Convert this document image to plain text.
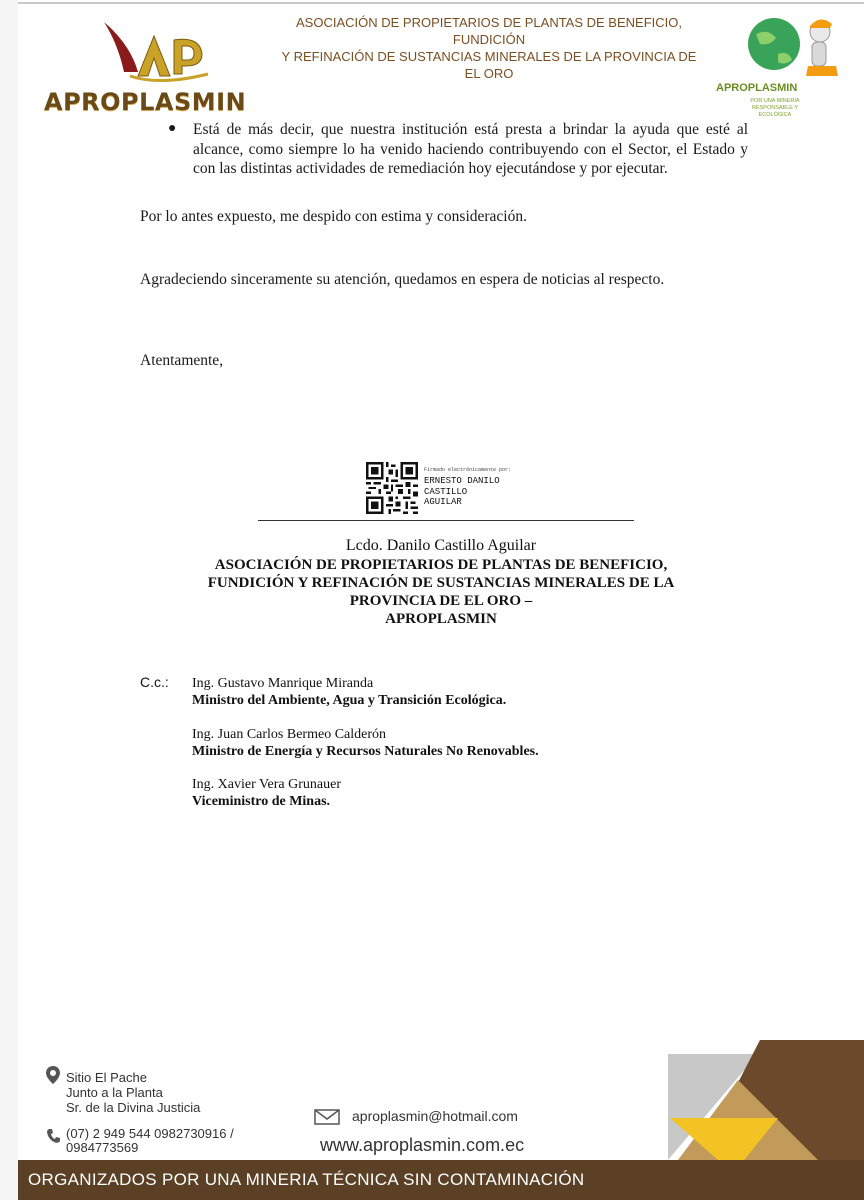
APROPLASMIN
ASOCIACIÓN DE PROPIETARIOS DE PLANTAS DE BENEFICIO, FUNDICIÓN
Y REFINACIÓN DE SUSTANCIAS MINERALES DE LA PROVINCIA DE EL ORO
APROPLASMIN
POR UNA MINERÍA RESPONSABLE Y ECOLÓGICA
● Está de más decir, que nuestra institución está presta a brindar la ayuda que esté al alcance, como siempre lo ha venido haciendo contribuyendo con el Sector, el Estado y con las distintas actividades de remediación hoy ejecutándose y por ejecutar.
Por lo antes expuesto, me despido con estima y consideración.
Agradeciendo sinceramente su atención, quedamos en espera de noticias al respecto.
Atentamente,
Firmado electrónicamente por:
ERNESTO DANILO
CASTILLO
AGUILAR
Lcdo. Danilo Castillo Aguilar
ASOCIACIÓN DE PROPIETARIOS DE PLANTAS DE BENEFICIO,
FUNDICIÓN Y REFINACIÓN DE SUSTANCIAS MINERALES DE LA
PROVINCIA DE EL ORO –
APROPLASMIN
C.c.: Ing. Gustavo Manrique Miranda
Ministro del Ambiente, Agua y Transición Ecológica.
Ing. Juan Carlos Bermeo Calderón
Ministro de Energía y Recursos Naturales No Renovables.
Ing. Xavier Vera Grunauer
Viceministro de Minas.
Sitio El Pache
Junto a la Planta
Sr. de la Divina Justicia
(07) 2 949 544 0982730916 /
0984773569
aproplasmin@hotmail.com
www.aproplasmin.com.ec
ORGANIZADOS POR UNA MINERIA TÉCNICA SIN CONTAMINACIÓN
